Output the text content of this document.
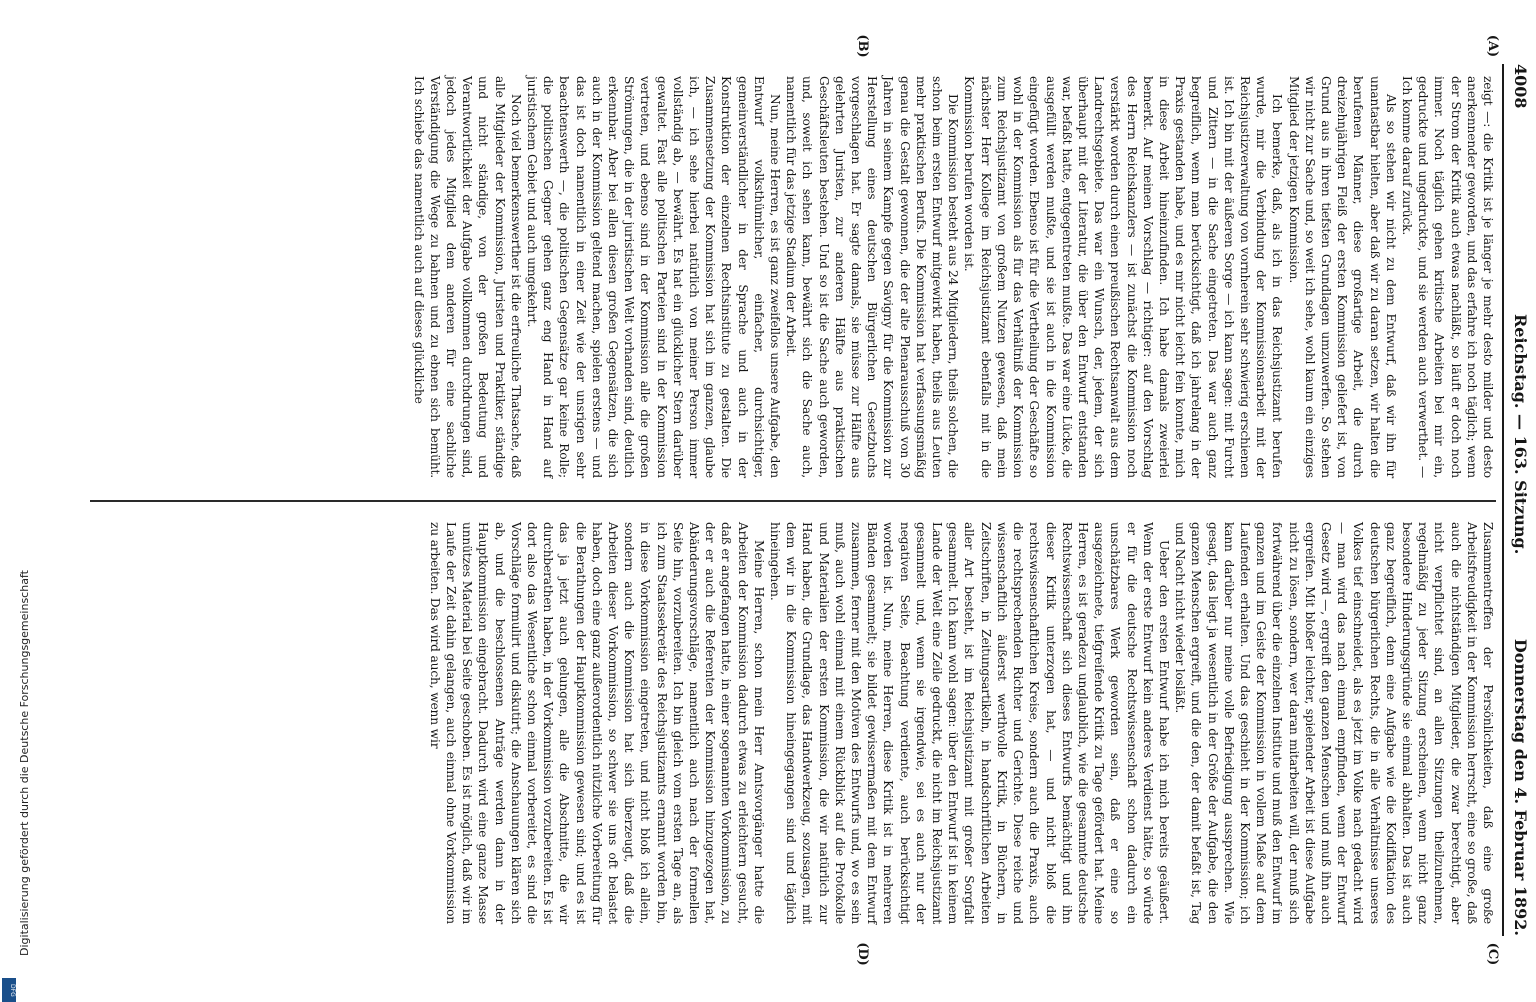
Digitalisierung gefördert durch die Deutsche Forschungsgemeinschaft
DFG
4008
Reichstag. — 163. Sitzung.
Donnerstag den 4. Februar 1892.

zeigt —: die Kritik ist je länger je mehr desto milder und desto anerkennender geworden, und das erfahre ich noch täglich; wenn der Strom der Kritik auch etwas nachläßt, so läuft er doch noch immer. Noch täglich gehen kritische Arbeiten bei mir ein, gedruckte und ungedruckte, und sie werden auch verwerthet. — Ich komme darauf zurück.

Als so stehen wir nicht zu dem Entwurf, daß wir ihn für unantastbar hielten, aber daß wir zu daran setzen, wir halten die berufenen Männer, diese großartige Arbeit, die durch dreizehnjährigen Fleiß der ersten Kommission geliefert ist, von Grund aus in ihren tiefsten Grundlagen umzuwerfen. So stehen wir nicht zur Sache und, so weit ich sehe, wohl kaum ein einziges Mitglied der jetzigen Kommission.

Ich bemerke, daß, als ich in das Reichsjustizamt berufen wurde, mir die Verbindung der Kommissionsarbeit mit der Reichsjustizverwaltung von vornherein sehr schwierig erschienen ist. Ich bin mit der äußeren Sorge — ich kann sagen: mit Furcht und Zittern — in die Sache eingetreten. Das war auch ganz begreiflich, wenn man berücksichtigt, daß ich jahrelang in der Praxis gestanden habe, und es mir nicht leicht fein konnte, mich in diese Arbeit hineinzufinden. Ich habe damals zweierlei bemerkt. Auf meinen Vorschlag — richtiger: auf den Vorschlag des Herrn Reichskanzlers — ist zunächst die Kommission noch verstärkt worden durch einen preußischen Rechtsanwalt aus dem Landrechtsgebiete. Das war ein Wunsch, der, jedem, der sich überhaupt mit der Literatur, die über den Entwurf entstanden war, befaßt hatte, entgegentreten mußte. Das war eine Lücke, die ausgefüllt werden mußte, und sie ist auch in die Kommission eingefügt worden. Ebenso ist für die Vertheilung der Geschäfte so wohl in der Kommission als für das Verhältniß der Kommission zum Reichsjustizamt von großem Nutzen gewesen, daß mein nächster Herr Kollege im Reichsjustizamt ebenfalls mit in die Kommission berufen worden ist.

Die Kommission besteht aus 24 Mitgliedern, theils solchen, die schon beim ersten Entwurf mitgewirkt haben, theils aus Leuten mehr praktischen Berufs. Die Kommission hat verfassungsmäßig genau die Gestalt gewonnen, die der alte Plenarausschuß von 30 Jahren in seinem Kampfe gegen Savigny für die Kommission zur Herstellung eines deutschen Bürgerlichen Gesetzbuchs vorgeschlagen hat. Er sagte damals, sie müsse zur Hälfte aus gelehrten Juristen, zur anderen Hälfte aus praktischen Geschäftsleuten bestehen. Und so ist die Sache auch geworden, und, soweit ich sehen kann, bewährt sich die Sache auch, namentlich für das jetzige Stadium der Arbeit.

Nun, meine Herren, es ist ganz zweifellos unsere Aufgabe, den Entwurf volksthümlicher, einfacher, durchsichtiger, gemeinverständlicher in der Sprache und auch in der Konstruktion der einzelnen Rechtsinstitute zu gestalten. Die Zusammensetzung der Kommission hat sich im ganzen, glaube ich, — ich sehe hierbei natürlich von meiner Person immer vollständig ab, — bewährt. Es hat ein glücklicher Stern darüber gewaltet. Fast alle politischen Parteien sind in der Kommission vertreten, und ebenso sind in der Kommission alle die großen Strömungen, die in der juristischen Welt vorhanden sind, deutlich erkennbar. Aber bei allen diesen großen Gegensätzen, die sich auch in der Kommission geltend machen, spielen erstens — und das ist doch namentlich in einer Zeit wie der unsrigen sehr beachtenswerth —, die politischen Gegensätze gar keine Rolle; die politischen Gegner gehen ganz eng Hand in Hand auf juristischem Gebiet und auch umgekehrt.

Noch viel bemerkenswerther ist die erfreuliche Thatsache, daß alle Mitglieder der Kommission, Juristen und Praktiker, ständige und nicht ständige, von der großen Bedeutung und Verantwortlichkeit der Aufgabe vollkommen durchdrungen sind, jedoch jedes Mitglied dem anderen für eine sachliche Verständigung die Wege zu bahnen und zu ebnen sich bemüht. Ich schiebe das namentlich auch auf dieses glückliche

Zusammentreffen der Persönlichkeiten, daß eine große Arbeitsfreudigkeit in der Kommission herrscht, eine so große, daß auch die nichtständigen Mitglieder, die zwar berechtigt, aber nicht verpflichtet sind, an allen Sitzungen theilzunehmen, regelmäßig zu jeder Sitzung erscheinen, wenn nicht ganz besondere Hinderungsgründe sie einmal abhalten. Das ist auch ganz begreiflich, denn eine Aufgabe wie die Kodifikation des deutschen bürgerlichen Rechts, die in alle Verhältnisse unseres Volkes tief einschneidet, als es jetzt im Volke nach gedacht wird — man wird das nach einmal empfinden, wenn der Entwurf Gesetz wird —, ergreift den ganzen Menschen und muß ihn auch ergreifen. Mit bloßer leichter, spielender Arbeit ist diese Aufgabe nicht zu lösen, sondern, wer daran mitarbeiten will, der muß sich fortwährend über die einzelnen Institute und muß den Entwurf im ganzen und im Geiste der Kommission in vollem Maße auf dem Laufenden erhalten. Und das geschieht in der Kommission; ich kann darüber nur meine volle Befriedigung aussprechen. Wie gesagt, das liegt ja wesentlich in der Größe der Aufgabe, die den ganzen Menschen ergreift, und die den, der damit befaßt ist, Tag und Nacht nicht wieder losläßt.

Ueber den ersten Entwurf habe ich mich bereits geäußert. Wenn der erste Entwurf kein anderes Verdienst hätte, so würde er für die deutsche Rechtswissenschaft schon dadurch ein unschätzbares Werk geworden sein, daß er eine so ausgezeichnete, tiefgreifende Kritik zu Tage gefördert hat. Meine Herren, es ist geradezu unglaublich, wie die gesammte deutsche Rechtswissenschaft sich dieses Entwurfs bemächtigt und ihn dieser Kritik unterzogen hat, — und nicht bloß die rechtswissenschaftlichen Kreise, sondern auch die Praxis, auch die rechtsprechenden Richter und Gerichte. Diese reiche und wissenschaftlich äußerst werthvolle Kritik, in Büchern, in Zeitschriften, in Zeitungsartikeln, in handschriftlichen Arbeiten aller Art besteht, ist im Reichsjustizamt mit großer Sorgfalt gesammelt. Ich kann wohl sagen: über den Entwurf ist in keinem Lande der Welt eine Zeile gedruckt, die nicht im Reichsjustizamt gesammelt und, wenn sie irgendwie, sei es auch nur der negativen Seite, Beachtung verdiente, auch berücksichtigt worden ist. Nun, meine Herren, diese Kritik ist in mehreren Bänden gesammelt; sie bildet gewissermaßen mit dem Entwurf zusammen, ferner mit den Motiven des Entwurfs und, wo es sein muß, auch wohl einmal mit einem Rückblick auf die Protokolle und Materialien der ersten Kommission, die wir natürlich zur Hand haben, die Grundlage, das Handwerkzeug, sozusagen, mit dem wir in die Kommission hineingegangen sind und täglich hineingehen.

Meine Herren, schon mein Herr Amtsvorgänger hatte die Arbeiten der Kommission dadurch etwas zu erleichtern gesucht, daß er angefangen hatte, in einer sogenannten Vorkommission, zu der er auch die Referenten der Kommission hinzugezogen hat, Abänderungsvorschläge, namentlich auch nach der formellen Seite hin, vorzubereiten. Ich bin gleich vom ersten Tage an, als ich zum Staatssekretär des Reichsjustizamts ernannt worden bin, in diese Vorkommission eingetreten, und nicht bloß ich allein, sondern auch die Kommission hat sich überzeugt, daß die Arbeiten dieser Vorkommission, so schwer sie uns oft belastet haben, doch eine ganz außerordentlich nützliche Vorbereitung für die Berathungen der Hauptkommission gewesen sind; und es ist das ja jetzt auch gelungen, alle die Abschnitte, die wir durchberathen haben, in der Vorkommission vorzubereiten. Es ist dort also das Wesentliche schon einmal vorbereitet, es sind die Vorschläge formulirt und diskutirt; die Anschauungen klären sich ab, und die beschlossenen Anträge werden dann in der Hauptkommission eingebracht. Dadurch wird eine ganze Masse unnützes Material bei Seite geschoben. Es ist möglich, daß wir im Laufe der Zeit dahin gelangen, auch einmal ohne Vorkommission zu arbeiten. Das wird auch, wenn wir

(A)
(B)
(C)
(D)
